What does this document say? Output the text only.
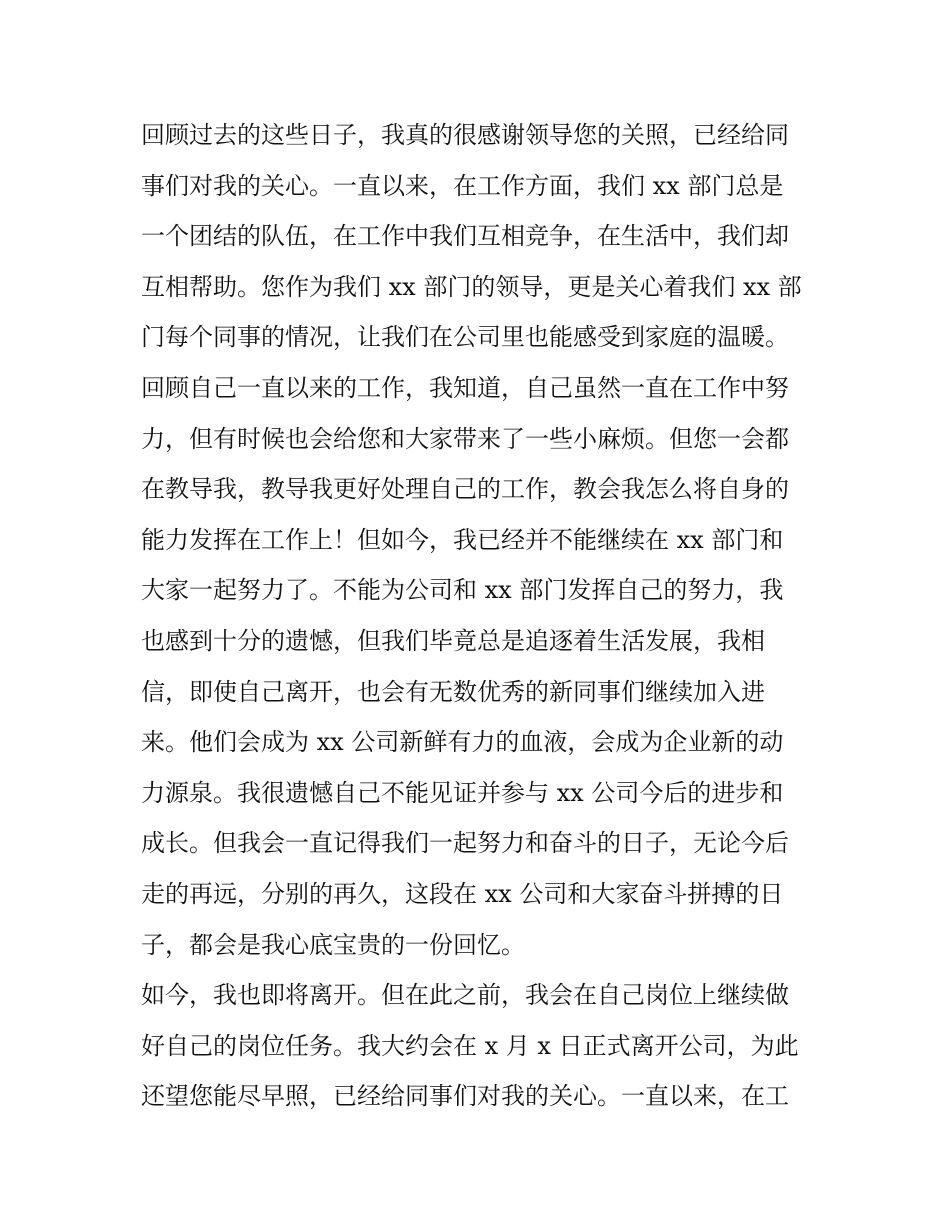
回顾过去的这些日子，我真的很感谢领导您的关照，已经给同
事们对我的关心。一直以来，在工作方面，我们 xx 部门总是
一个团结的队伍，在工作中我们互相竞争，在生活中，我们却
互相帮助。您作为我们 xx 部门的领导，更是关心着我们 xx 部
门每个同事的情况，让我们在公司里也能感受到家庭的温暖。
回顾自己一直以来的工作，我知道，自己虽然一直在工作中努
力，但有时候也会给您和大家带来了一些小麻烦。但您一会都
在教导我，教导我更好处理自己的工作，教会我怎么将自身的
能力发挥在工作上！但如今，我已经并不能继续在 xx 部门和
大家一起努力了。不能为公司和 xx 部门发挥自己的努力，我
也感到十分的遗憾，但我们毕竟总是追逐着生活发展，我相
信，即使自己离开，也会有无数优秀的新同事们继续加入进
来。他们会成为 xx 公司新鲜有力的血液，会成为企业新的动
力源泉。我很遗憾自己不能见证并参与 xx 公司今后的进步和
成长。但我会一直记得我们一起努力和奋斗的日子，无论今后
走的再远，分别的再久，这段在 xx 公司和大家奋斗拼搏的日
子，都会是我心底宝贵的一份回忆。
如今，我也即将离开。但在此之前，我会在自己岗位上继续做
好自己的岗位任务。我大约会在 x 月 x 日正式离开公司，为此
还望您能尽早照，已经给同事们对我的关心。一直以来，在工
